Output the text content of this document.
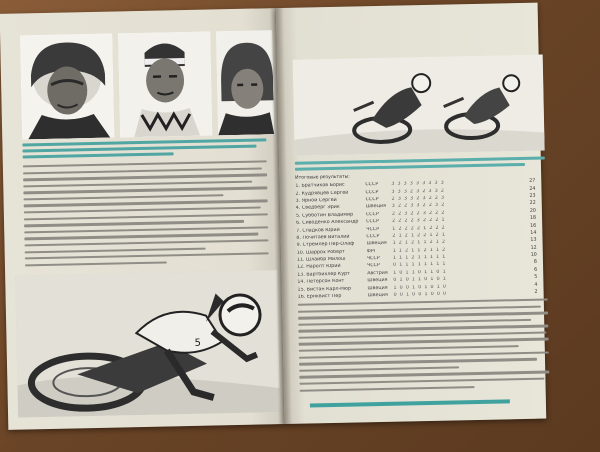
5
Итоговые результаты:
1. Братчиков Борис	СССР	3 3 3 3 3 3 3 3 3	27
2. Кудрявцев Сергей	СССР	3 3 3 2 3 2 3 3 2	24
3. Ярной Сергей	СССР	2 3 3 3 2 3 2 2 3	23
4. Сведберг Эрик	Швеция	3 2 2 3 3 2 2 3 2	22
5. Субботин Владимир	СССР	2 2 3 2 2 3 2 2 2	20
6. Сиводенко Александр	СССР	2 2 2 2 3 2 2 2 1	18
7. Сладков Юрий	ЧССР	1 2 2 2 2 1 2 2 2	16
8. Почитаев Виталий	СССР	2 1 2 1 2 2 1 2 1	14
9. Стремлер Пер-Олаф	Швеция	1 2 1 2 1 1 2 1 2	13
10. Шаррох Роберт	ФРГ	1 1 2 1 1 2 1 1 2	12
11. Шлайбр Милош	ЧССР	1 1 1 2 1 1 1 1 1	10
12. Наролт Юрий	ЧССР	0 1 1 1 1 1 1 1 1	8
13. Вартбихлер Курт	Австрия	1 0 1 1 0 1 1 0 1	6
14. Петерсон Конт	Швеция	0 1 0 1 1 0 1 0 1	5
15. Вистан Карл-Нюр	Швеция	1 0 0 1 0 1 0 1 0	4
16. Ернквист Пер	Швеция	0 0 1 0 0 1 0 0 0	2
